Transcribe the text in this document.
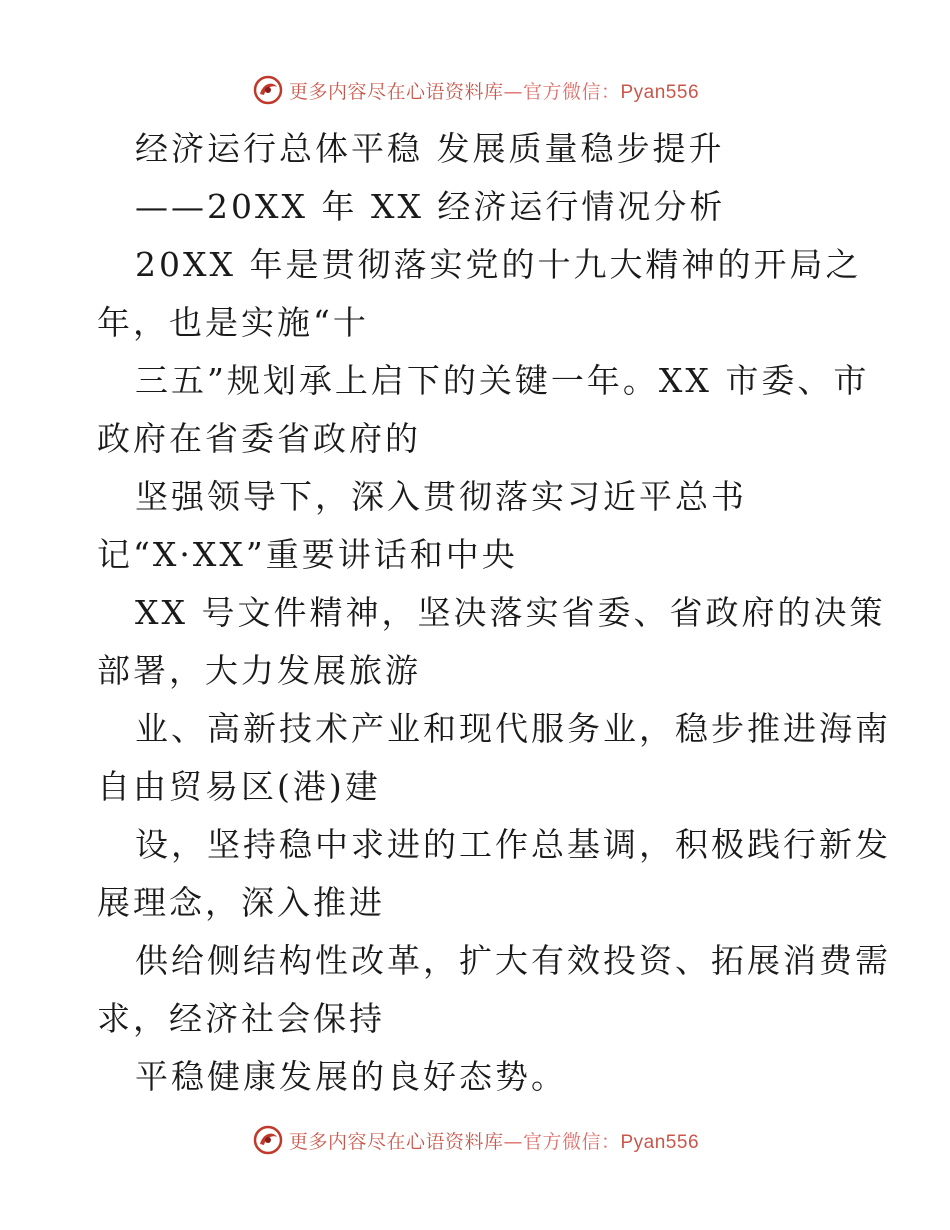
更多内容尽在心语资料库—官方微信：Pyan556
经济运行总体平稳 发展质量稳步提升
——20XX 年 XX 经济运行情况分析
20XX 年是贯彻落实党的十九大精神的开局之
年，也是实施“十
三五”规划承上启下的关键一年。XX 市委、市
政府在省委省政府的
坚强领导下，深入贯彻落实习近平总书
记“X·XX”重要讲话和中央
XX 号文件精神，坚决落实省委、省政府的决策
部署，大力发展旅游
业、高新技术产业和现代服务业，稳步推进海南
自由贸易区(港)建
设，坚持稳中求进的工作总基调，积极践行新发
展理念，深入推进
供给侧结构性改革，扩大有效投资、拓展消费需
求，经济社会保持
平稳健康发展的良好态势。
更多内容尽在心语资料库—官方微信：Pyan556
